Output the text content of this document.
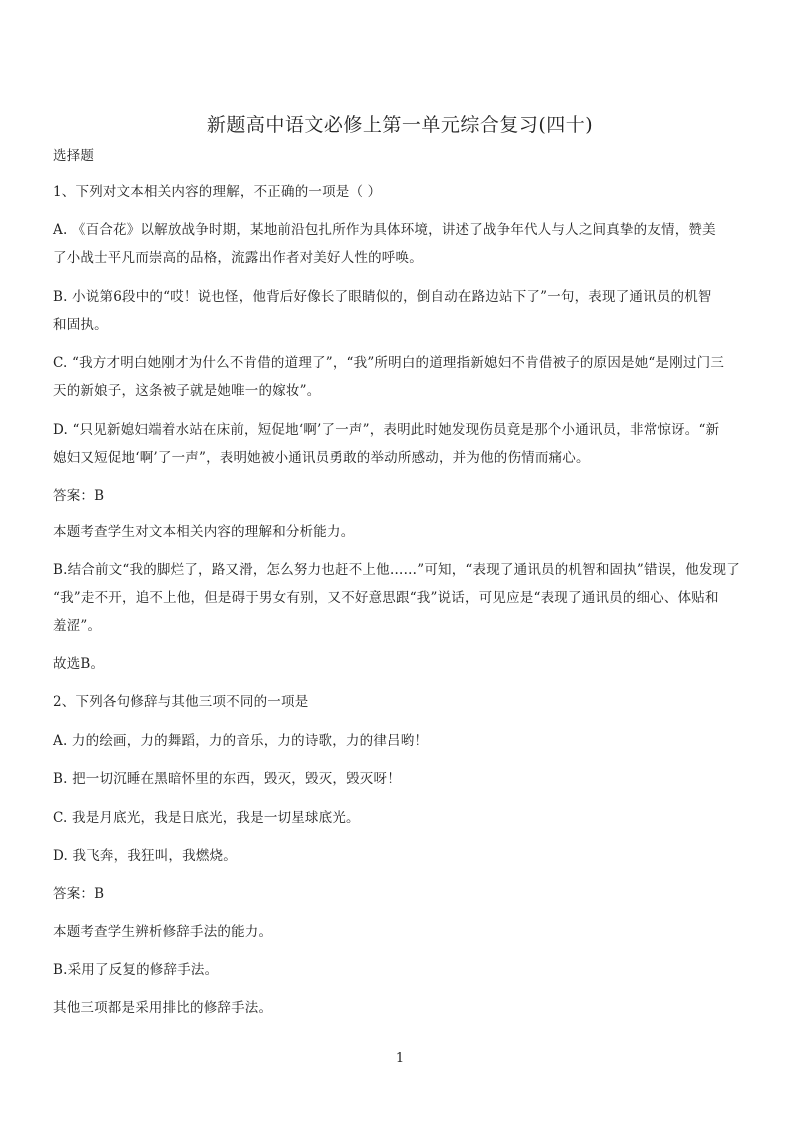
新题高中语文必修上第一单元综合复习(四十)
选择题
1、下列对文本相关内容的理解，不正确的一项是（ ）
A. 《百合花》以解放战争时期，某地前沿包扎所作为具体环境，讲述了战争年代人与人之间真挚的友情，赞美
了小战士平凡而崇高的品格，流露出作者对美好人性的呼唤。
B. 小说第6段中的“哎！说也怪，他背后好像长了眼睛似的，倒自动在路边站下了”一句，表现了通讯员的机智
和固执。
C. “我方才明白她刚才为什么不肯借的道理了”，“我”所明白的道理指新媳妇不肯借被子的原因是她“是刚过门三
天的新娘子，这条被子就是她唯一的嫁妆”。
D. “只见新媳妇端着水站在床前，短促地‘啊’了一声”，表明此时她发现伤员竟是那个小通讯员，非常惊讶。“新
媳妇又短促地‘啊’了一声”，表明她被小通讯员勇敢的举动所感动，并为他的伤情而痛心。
答案：B
本题考查学生对文本相关内容的理解和分析能力。
B.结合前文“我的脚烂了，路又滑，怎么努力也赶不上他……”可知，“表现了通讯员的机智和固执”错误，他发现了
“我”走不开，追不上他，但是碍于男女有别，又不好意思跟“我”说话，可见应是“表现了通讯员的细心、体贴和
羞涩”。
故选B。
2、下列各句修辞与其他三项不同的一项是
A. 力的绘画，力的舞蹈，力的音乐，力的诗歌，力的律吕哟！
B. 把一切沉睡在黑暗怀里的东西，毁灭，毁灭，毁灭呀！
C. 我是月底光，我是日底光，我是一切星球底光。
D. 我飞奔，我狂叫，我燃烧。
答案：B
本题考查学生辨析修辞手法的能力。
B.采用了反复的修辞手法。
其他三项都是采用排比的修辞手法。
1
